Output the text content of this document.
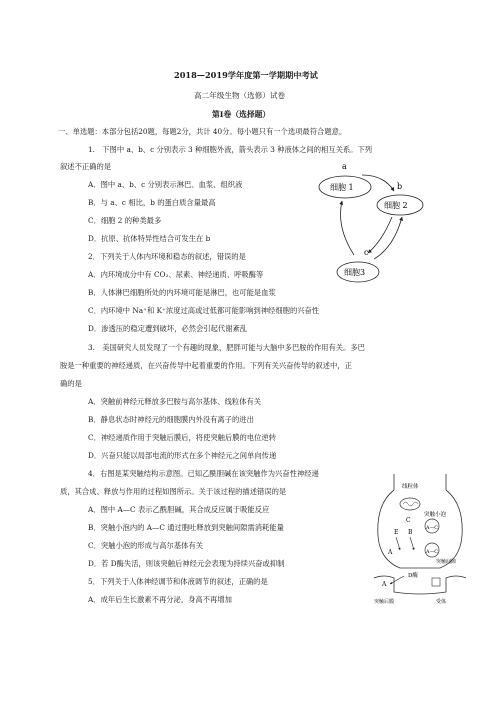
2018—2019学年度第一学期期中考试
高二年级生物（选修）试卷
第Ⅰ卷（选择题）
一、单选题：本部分包括20题，每题2分，共计 40分。每小题只有一个选项最符合题意。
1.　下图中 a、b、c 分别表示 3 种细胞外液，箭头表示 3 种液体之间的相互关系。下列
叙述不正确的是
A．图中 a、b、c 分别表示淋巴、血浆、组织液
B．与 a、c 相比，b 的蛋白质含量最高
C．细胞 2 的种类最多
D．抗原、抗体特异性结合可发生在 b
a
细胞 1	b
细胞 2
c
细胞3
2．下列关于人体内环境和稳态的叙述，错误的是
A．内环境成分中有 CO₂、尿素、神经递质、呼吸酶等
B．人体淋巴细胞所处的内环境可能是淋巴，也可能是血浆
C．内环境中 Na⁺和 K⁺浓度过高或过低都可能影响到神经细胞的兴奋性
D．渗透压的稳定遭到破坏，必然会引起代谢紊乱
3.　美国研究人员发现了一个有趣的现象，肥胖可能与大脑中多巴胺的作用有关。多巴
胺是一种重要的神经递质，在兴奋传导中起着重要的作用。下列有关兴奋传导的叙述中，正
确的是
A．突触前神经元释放多巴胺与高尔基体、线粒体有关
B．静息状态时神经元的细胞膜内外没有离子的进出
C．神经递质作用于突触后膜后，将使突触后膜的电位逆转
D．兴奋只能以局部电流的形式在多个神经元之间单向传递
4．右图是某突触结构示意图。已知乙酰胆碱在该突触作为兴奋性神经递
质，其合成、释放与作用的过程如图所示。关于该过程的描述错误的是
A．图中 A—C 表示乙酰胆碱，其合成反应属于吸能反应
B．突触小泡内的 A—C 通过胞吐释放到突触间隙需消耗能量
C．突触小泡的形成与高尔基体有关
D．若 D酶失活，则该突触后神经元会表现为持续兴奋或抑制
线粒体
突触小泡
A—C
A—C
C
E B
A
突触间隙
D酶
A
突触后膜	受体
5．下列关于人体神经调节和体液调节的叙述，正确的是
A．成年后生长激素不再分泌，身高不再增加
